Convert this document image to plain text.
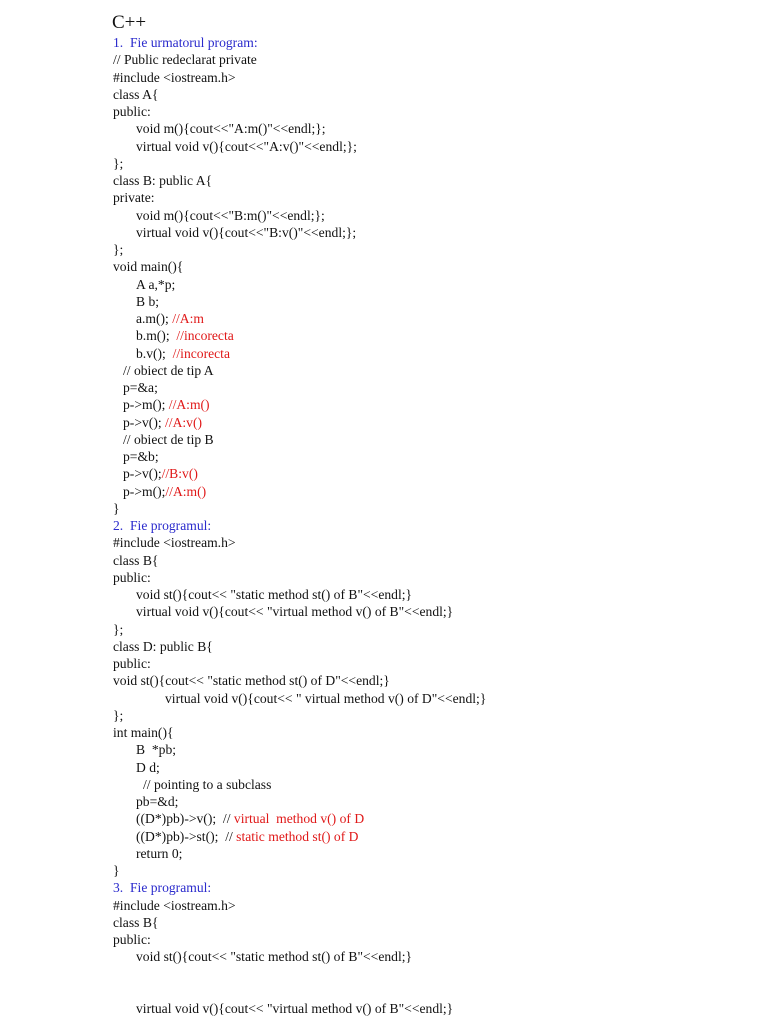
C++
1.  Fie urmatorul program:
// Public redeclarat private
#include <iostream.h>
class A{
public:
void m(){cout<<"A:m()"<<endl;};
virtual void v(){cout<<"A:v()"<<endl;};
};
class B: public A{
private:
void m(){cout<<"B:m()"<<endl;};
virtual void v(){cout<<"B:v()"<<endl;};
};
void main(){
A a,*p;
B b;
a.m(); //A:m
b.m();  //incorecta
b.v();  //incorecta
// obiect de tip A
p=&a;
p->m(); //A:m()
p->v(); //A:v()
// obiect de tip B
p=&b;
p->v();//B:v()
p->m();//A:m()
}
2.  Fie programul:
#include <iostream.h>
class B{
public:
void st(){cout<< "static method st() of B"<<endl;}
virtual void v(){cout<< "virtual method v() of B"<<endl;}
};
class D: public B{
public:
void st(){cout<< "static method st() of D"<<endl;}
virtual void v(){cout<< " virtual method v() of D"<<endl;}
};
int main(){
B  *pb;
D d;
// pointing to a subclass
pb=&d;
((D*)pb)->v();  // virtual  method v() of D
((D*)pb)->st();  // static method st() of D
return 0;
}
3.  Fie programul:
#include <iostream.h>
class B{
public:
void st(){cout<< "static method st() of B"<<endl;}
virtual void v(){cout<< "virtual method v() of B"<<endl;}
